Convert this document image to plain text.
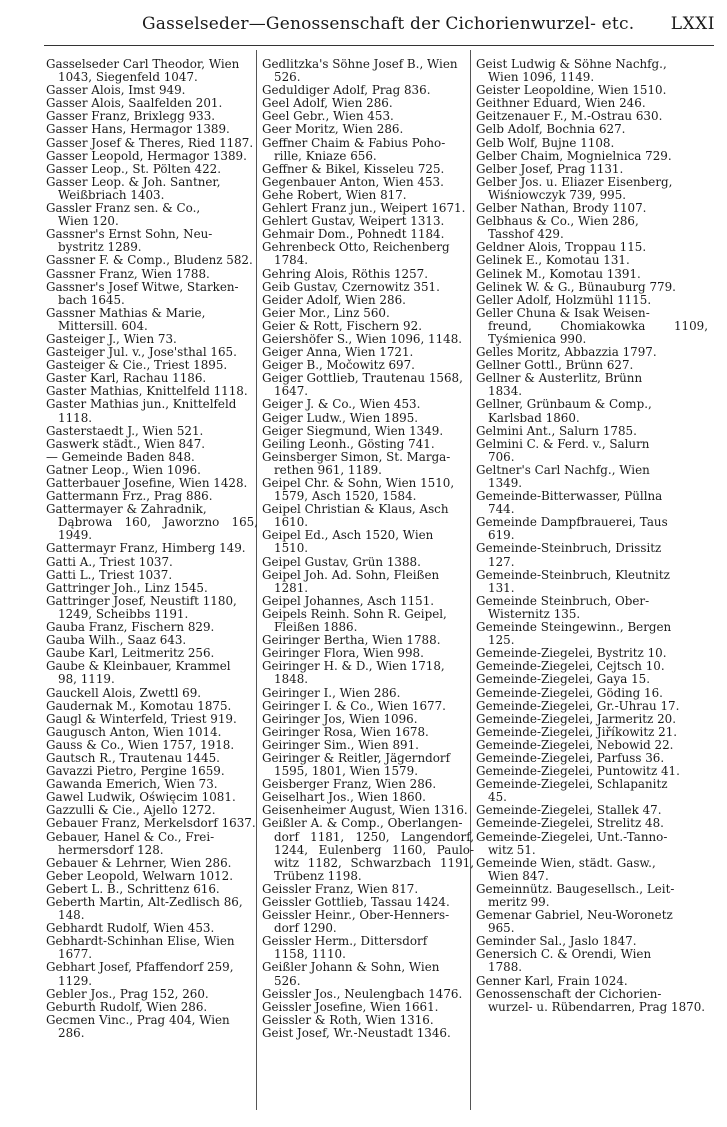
Gasselseder—Genossenschaft der Cichorienwurzel- etc. LXXI

Gasselseder Carl Theodor, Wien
1043, Siegenfeld 1047.

Gasser Alois, Imst 949.

Gasser Alois, Saalfelden 201.

Gasser Franz, Brixlegg 933.

Gasser Hans, Hermagor 1389.

Gasser Josef & Theres, Ried 1187.

Gasser Leopold, Hermagor 1389.

Gasser Leop., St. Pölten 422.

Gasser Leop. & Joh. Santner,
Weißbriach 1403.

Gassler Franz sen. & Co.,
Wien 120.

Gassner's Ernst Sohn, Neu-
bystritz 1289.

Gassner F. & Comp., Bludenz 582.

Gassner Franz, Wien 1788.

Gassner's Josef Witwe, Starken-
bach 1645.

Gassner Mathias & Marie,
Mittersill. 604.

Gasteiger J., Wien 73.

Gasteiger Jul. v., Jose'sthal 165.

Gasteiger & Cie., Triest 1895.

Gaster Karl, Rachau 1186.

Gaster Mathias, Knittelfeld 1118.

Gaster Mathias jun., Knittelfeld
1118.

Gasterstaedt J., Wien 521.

Gaswerk städt., Wien 847.

— Gemeinde Baden 848.

Gatner Leop., Wien 1096.

Gatterbauer Josefine, Wien 1428.

Gattermann Frz., Prag 886.

Gattermayer & Zahradnik,
Dąbrowa 160, Jaworzno 165, 1949.

Gattermayr Franz, Himberg 149.

Gatti A., Triest 1037.

Gatti L., Triest 1037.

Gattringer Joh., Linz 1545.

Gattringer Josef, Neustift 1180,
1249, Scheibbs 1191.

Gauba Franz, Fischern 829.

Gauba Wilh., Saaz 643.

Gaube Karl, Leitmeritz 256.

Gaube & Kleinbauer, Krammel
98, 1119.

Gauckell Alois, Zwettl 69.

Gaudernak M., Komotau 1875.

Gaugl & Winterfeld, Triest 919.

Gaugusch Anton, Wien 1014.

Gauss & Co., Wien 1757, 1918.

Gautsch R., Trautenau 1445.

Gavazzi Pietro, Pergine 1659.

Gawanda Emerich, Wien 73.

Gawel Ludwik, Oświęcim 1081.

Gazzulli & Cie., Ajello 1272.

Gebauer Franz, Merkelsdorf 1637.

Gebauer, Hanel & Co., Frei-
hermersdorf 128.

Gebauer & Lehrner, Wien 286.

Geber Leopold, Welwarn 1012.

Gebert L. B., Schrittenz 616.

Geberth Martin, Alt-Zedlisch 86,
148.

Gebhardt Rudolf, Wien 453.

Gebhardt-Schinhan Elise, Wien
1677.

Gebhart Josef, Pfaffendorf 259,
1129.

Gebler Jos., Prag 152, 260.

Geburth Rudolf, Wien 286.

Gecmen Vinc., Prag 404, Wien
286.

Gedlitzka's Söhne Josef B., Wien
526.

Geduldiger Adolf, Prag 836.

Geel Adolf, Wien 286.

Geel Gebr., Wien 453.

Geer Moritz, Wien 286.

Geffner Chaim & Fabius Poho-
rille, Kniaze 656.

Geffner & Bikel, Kisseleu 725.

Gegenbauer Anton, Wien 453.

Gehe Robert, Wien 817.

Gehlert Franz jun., Weipert 1671.

Gehlert Gustav, Weipert 1313.

Gehmair Dom., Pohnedt 1184.

Gehrenbeck Otto, Reichenberg
1784.

Gehring Alois, Röthis 1257.

Geib Gustav, Czernowitz 351.

Geider Adolf, Wien 286.

Geier Mor., Linz 560.

Geier & Rott, Fischern 92.

Geiershöfer S., Wien 1096, 1148.

Geiger Anna, Wien 1721.

Geiger B., Močowitz 697.

Geiger Gottlieb, Trautenau 1568,
1647.

Geiger J. & Co., Wien 453.

Geiger Ludw., Wien 1895.

Geiger Siegmund, Wien 1349.

Geiling Leonh., Gösting 741.

Geinsberger Simon, St. Marga-
rethen 961, 1189.

Geipel Chr. & Sohn, Wien 1510,
1579, Asch 1520, 1584.

Geipel Christian & Klaus, Asch
1610.

Geipel Ed., Asch 1520, Wien
1510.

Geipel Gustav, Grün 1388.

Geipel Joh. Ad. Sohn, Fleißen
1281.

Geipel Johannes, Asch 1151.

Geipels Reinh. Sohn R. Geipel,
Fleißen 1886.

Geiringer Bertha, Wien 1788.

Geiringer Flora, Wien 998.

Geiringer H. & D., Wien 1718,
1848.

Geiringer I., Wien 286.

Geiringer I. & Co., Wien 1677.

Geiringer Jos, Wien 1096.

Geiringer Rosa, Wien 1678.

Geiringer Sim., Wien 891.

Geiringer & Reitler, Jägerndorf
1595, 1801, Wien 1579.

Geisberger Franz, Wien 286.

Geiselhart Jos., Wien 1860.

Geisenheimer August, Wien 1316.

Geißler A. & Comp., Oberlangen-
dorf 1181, 1250, Langendorf, 1244, Eulenberg 1160, Paulo-witz 1182, Schwarzbach 1191, Trübenz 1198.

Geissler Franz, Wien 817.

Geissler Gottlieb, Tassau 1424.

Geissler Heinr., Ober-Henners-
dorf 1290.

Geissler Herm., Dittersdorf
1158, 1110.

Geißler Johann & Sohn, Wien
526.

Geissler Jos., Neulengbach 1476.

Geissler Josefine, Wien 1661.

Geissler & Roth, Wien 1316.

Geist Josef, Wr.-Neustadt 1346.

Geist Ludwig & Söhne Nachfg.,
Wien 1096, 1149.

Geister Leopoldine, Wien 1510.

Geithner Eduard, Wien 246.

Geitzenauer F., M.-Ostrau 630.

Gelb Adolf, Bochnia 627.

Gelb Wolf, Bujne 1108.

Gelber Chaim, Mognielnica 729.

Gelber Josef, Prag 1131.

Gelber Jos. u. Eliazer Eisenberg,
Wiśniowczyk 739, 995.

Gelber Nathan, Brody 1107.

Gelbhaus & Co., Wien 286,
Tasshof 429.

Geldner Alois, Troppau 115.

Gelinek E., Komotau 131.

Gelinek M., Komotau 1391.

Gelinek W. & G., Bünauburg 779.

Geller Adolf, Holzmühl 1115.

Geller Chuna & Isak Weisen-
freund, Chomiakowka 1109, Tyśmienica 990.

Gelles Moritz, Abbazzia 1797.

Gellner Gottl., Brünn 627.

Gellner & Austerlitz, Brünn
1834.

Gellner, Grünbaum & Comp.,
Karlsbad 1860.

Gelmini Ant., Salurn 1785.

Gelmini C. & Ferd. v., Salurn
706.

Geltner's Carl Nachfg., Wien
1349.

Gemeinde-Bitterwasser, Püllna
744.

Gemeinde Dampfbrauerei, Taus
619.

Gemeinde-Steinbruch, Drissitz
127.

Gemeinde-Steinbruch, Kleutnitz
131.

Gemeinde Steinbruch, Ober-
Wisternitz 135.

Gemeinde Steingewinn., Bergen
125.

Gemeinde-Ziegelei, Bystritz 10.

Gemeinde-Ziegelei, Cejtsch 10.

Gemeinde-Ziegelei, Gaya 15.

Gemeinde-Ziegelei, Göding 16.

Gemeinde-Ziegelei, Gr.-Uhrau 17.

Gemeinde-Ziegelei, Jarmeritz 20.

Gemeinde-Ziegelei, Jiříkowitz 21.

Gemeinde-Ziegelei, Nebowid 22.

Gemeinde-Ziegelei, Parfuss 36.

Gemeinde-Ziegelei, Puntowitz 41.

Gemeinde-Ziegelei, Schlapanitz
45.

Gemeinde-Ziegelei, Stallek 47.

Gemeinde-Ziegelei, Strelitz 48.

Gemeinde-Ziegelei, Unt.-Tanno-
witz 51.

Gemeinde Wien, städt. Gasw.,
Wien 847.

Gemeinnütz. Baugesellsch., Leit-
meritz 99.

Gemenar Gabriel, Neu-Woronetz
965.

Geminder Sal., Jaslo 1847.

Genersich C. & Orendi, Wien
1788.

Genner Karl, Frain 1024.

Genossenschaft der Cichorien-
wurzel- u. Rübendarren, Prag 1870.
